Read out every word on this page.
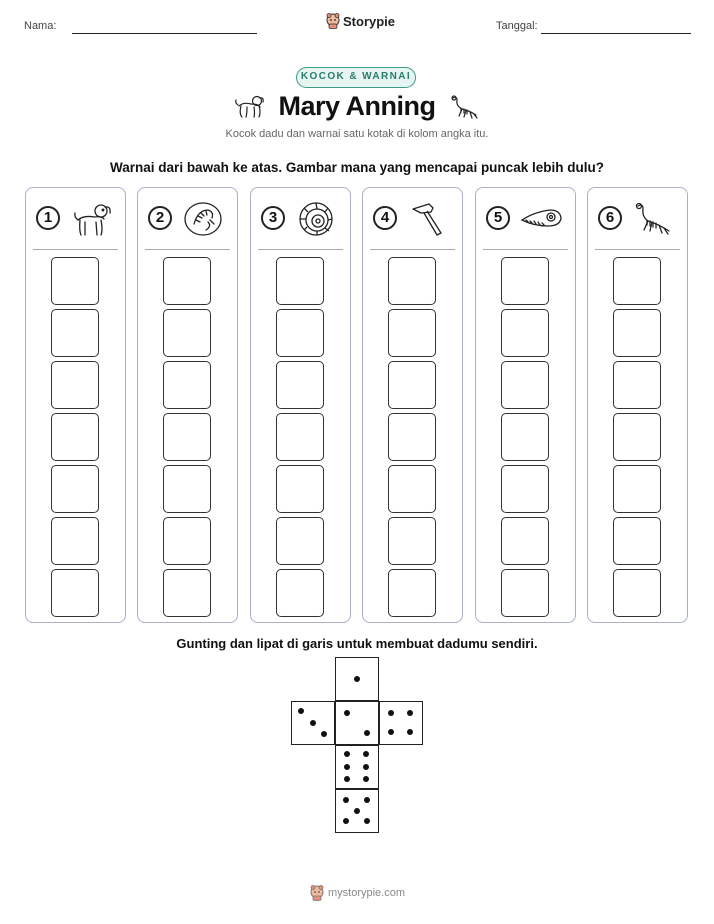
Nama:	Storypie	Tanggal:
KOCOK & WARNAI
Mary Anning
Kocok dadu dan warnai satu kotak di kolom angka itu.
Warnai dari bawah ke atas. Gambar mana yang mencapai puncak lebih dulu?
1	2	3	4	5	6
Gunting dan lipat di garis untuk membuat dadumu sendiri.
mystorypie.com
